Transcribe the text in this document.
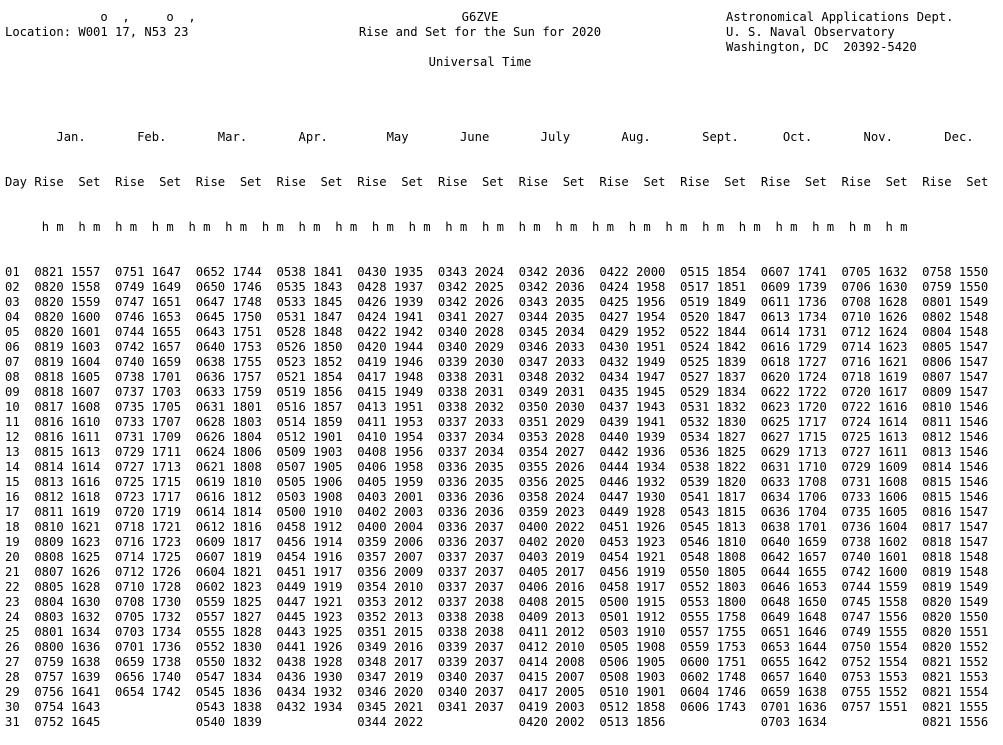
o  ,     o  ,
Location: W001 17, N53 23
G6ZVE
Rise and Set for the Sun for 2020
Astronomical Applications Dept.
U. S. Naval Observatory
Washington, DC  20392-5420
Universal Time

Jan.       Feb.       Mar.       Apr.        May       June       July       Aug.       Sept.      Oct.       Nov.       Dec.

Day Rise  Set  Rise  Set  Rise  Set  Rise  Set  Rise  Set  Rise  Set  Rise  Set  Rise  Set  Rise  Set  Rise  Set  Rise  Set  Rise  Set

h m  h m  h m  h m  h m  h m  h m  h m  h m  h m  h m  h m  h m  h m  h m  h m  h m  h m  h m  h m  h m  h m  h m  h m

01  0821 1557  0751 1647  0652 1744  0538 1841  0430 1935  0343 2024  0342 2036  0422 2000  0515 1854  0607 1741  0705 1632  0758 1550
02  0820 1558  0749 1649  0650 1746  0535 1843  0428 1937  0342 2025  0342 2036  0424 1958  0517 1851  0609 1739  0706 1630  0759 1550
03  0820 1559  0747 1651  0647 1748  0533 1845  0426 1939  0342 2026  0343 2035  0425 1956  0519 1849  0611 1736  0708 1628  0801 1549
04  0820 1600  0746 1653  0645 1750  0531 1847  0424 1941  0341 2027  0344 2035  0427 1954  0520 1847  0613 1734  0710 1626  0802 1548
05  0820 1601  0744 1655  0643 1751  0528 1848  0422 1942  0340 2028  0345 2034  0429 1952  0522 1844  0614 1731  0712 1624  0804 1548
06  0819 1603  0742 1657  0640 1753  0526 1850  0420 1944  0340 2029  0346 2033  0430 1951  0524 1842  0616 1729  0714 1623  0805 1547
07  0819 1604  0740 1659  0638 1755  0523 1852  0419 1946  0339 2030  0347 2033  0432 1949  0525 1839  0618 1727  0716 1621  0806 1547
08  0818 1605  0738 1701  0636 1757  0521 1854  0417 1948  0338 2031  0348 2032  0434 1947  0527 1837  0620 1724  0718 1619  0807 1547
09  0818 1607  0737 1703  0633 1759  0519 1856  0415 1949  0338 2031  0349 2031  0435 1945  0529 1834  0622 1722  0720 1617  0809 1547
10  0817 1608  0735 1705  0631 1801  0516 1857  0413 1951  0338 2032  0350 2030  0437 1943  0531 1832  0623 1720  0722 1616  0810 1546
11  0816 1610  0733 1707  0628 1803  0514 1859  0411 1953  0337 2033  0351 2029  0439 1941  0532 1830  0625 1717  0724 1614  0811 1546
12  0816 1611  0731 1709  0626 1804  0512 1901  0410 1954  0337 2034  0353 2028  0440 1939  0534 1827  0627 1715  0725 1613  0812 1546
13  0815 1613  0729 1711  0624 1806  0509 1903  0408 1956  0337 2034  0354 2027  0442 1936  0536 1825  0629 1713  0727 1611  0813 1546
14  0814 1614  0727 1713  0621 1808  0507 1905  0406 1958  0336 2035  0355 2026  0444 1934  0538 1822  0631 1710  0729 1609  0814 1546
15  0813 1616  0725 1715  0619 1810  0505 1906  0405 1959  0336 2035  0356 2025  0446 1932  0539 1820  0633 1708  0731 1608  0815 1546
16  0812 1618  0723 1717  0616 1812  0503 1908  0403 2001  0336 2036  0358 2024  0447 1930  0541 1817  0634 1706  0733 1606  0815 1546
17  0811 1619  0720 1719  0614 1814  0500 1910  0402 2003  0336 2036  0359 2023  0449 1928  0543 1815  0636 1704  0735 1605  0816 1547
18  0810 1621  0718 1721  0612 1816  0458 1912  0400 2004  0336 2037  0400 2022  0451 1926  0545 1813  0638 1701  0736 1604  0817 1547
19  0809 1623  0716 1723  0609 1817  0456 1914  0359 2006  0336 2037  0402 2020  0453 1923  0546 1810  0640 1659  0738 1602  0818 1547
20  0808 1625  0714 1725  0607 1819  0454 1916  0357 2007  0337 2037  0403 2019  0454 1921  0548 1808  0642 1657  0740 1601  0818 1548
21  0807 1626  0712 1726  0604 1821  0451 1917  0356 2009  0337 2037  0405 2017  0456 1919  0550 1805  0644 1655  0742 1600  0819 1548
22  0805 1628  0710 1728  0602 1823  0449 1919  0354 2010  0337 2037  0406 2016  0458 1917  0552 1803  0646 1653  0744 1559  0819 1549
23  0804 1630  0708 1730  0559 1825  0447 1921  0353 2012  0337 2038  0408 2015  0500 1915  0553 1800  0648 1650  0745 1558  0820 1549
24  0803 1632  0705 1732  0557 1827  0445 1923  0352 2013  0338 2038  0409 2013  0501 1912  0555 1758  0649 1648  0747 1556  0820 1550
25  0801 1634  0703 1734  0555 1828  0443 1925  0351 2015  0338 2038  0411 2012  0503 1910  0557 1755  0651 1646  0749 1555  0820 1551
26  0800 1636  0701 1736  0552 1830  0441 1926  0349 2016  0339 2037  0412 2010  0505 1908  0559 1753  0653 1644  0750 1554  0820 1552
27  0759 1638  0659 1738  0550 1832  0438 1928  0348 2017  0339 2037  0414 2008  0506 1905  0600 1751  0655 1642  0752 1554  0821 1552
28  0757 1639  0656 1740  0547 1834  0436 1930  0347 2019  0340 2037  0415 2007  0508 1903  0602 1748  0657 1640  0753 1553  0821 1553
29  0756 1641  0654 1742  0545 1836  0434 1932  0346 2020  0340 2037  0417 2005  0510 1901  0604 1746  0659 1638  0755 1552  0821 1554
30  0754 1643             0543 1838  0432 1934  0345 2021  0341 2037  0419 2003  0512 1858  0606 1743  0701 1636  0757 1551  0821 1555
31  0752 1645             0540 1839             0344 2022             0420 2002  0513 1856             0703 1634             0821 1556
